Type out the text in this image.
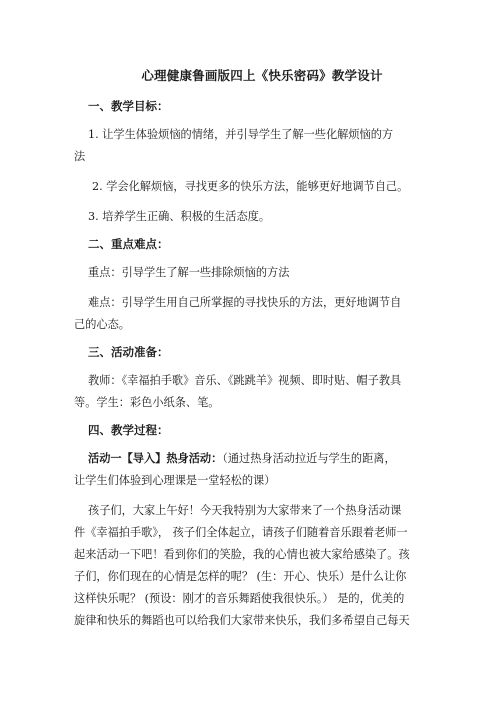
心理健康鲁画版四上《快乐密码》教学设计
一、教学目标：
1. 让学生体验烦恼的情绪，并引导学生了解一些化解烦恼的方
法
2. 学会化解烦恼，寻找更多的快乐方法，能够更好地调节自己。
3. 培养学生正确、积极的生活态度。
二、重点难点：
重点：引导学生了解一些排除烦恼的方法
难点：引导学生用自己所掌握的寻找快乐的方法，更好地调节自
己的心态。
三、活动准备：
教师：《幸福拍手歌》音乐、《跳跳羊》视频、即时贴、帽子教具
等。学生：彩色小纸条、笔。
四、教学过程：
活动一【导入】热身活动：（通过热身活动拉近与学生的距离，
让学生们体验到心理课是一堂轻松的课）
孩子们，大家上午好！今天我特别为大家带来了一个热身活动课
件《幸福拍手歌》， 孩子们全体起立，请孩子们随着音乐跟着老师一
起来活动一下吧！看到你们的笑脸，我的心情也被大家给感染了。孩
子们，你们现在的心情是怎样的呢？ (生：开心、快乐）是什么让你
这样快乐呢？ (预设：刚才的音乐舞蹈使我很快乐。） 是的，优美的
旋律和快乐的舞蹈也可以给我们大家带来快乐，我们多希望自己每天
